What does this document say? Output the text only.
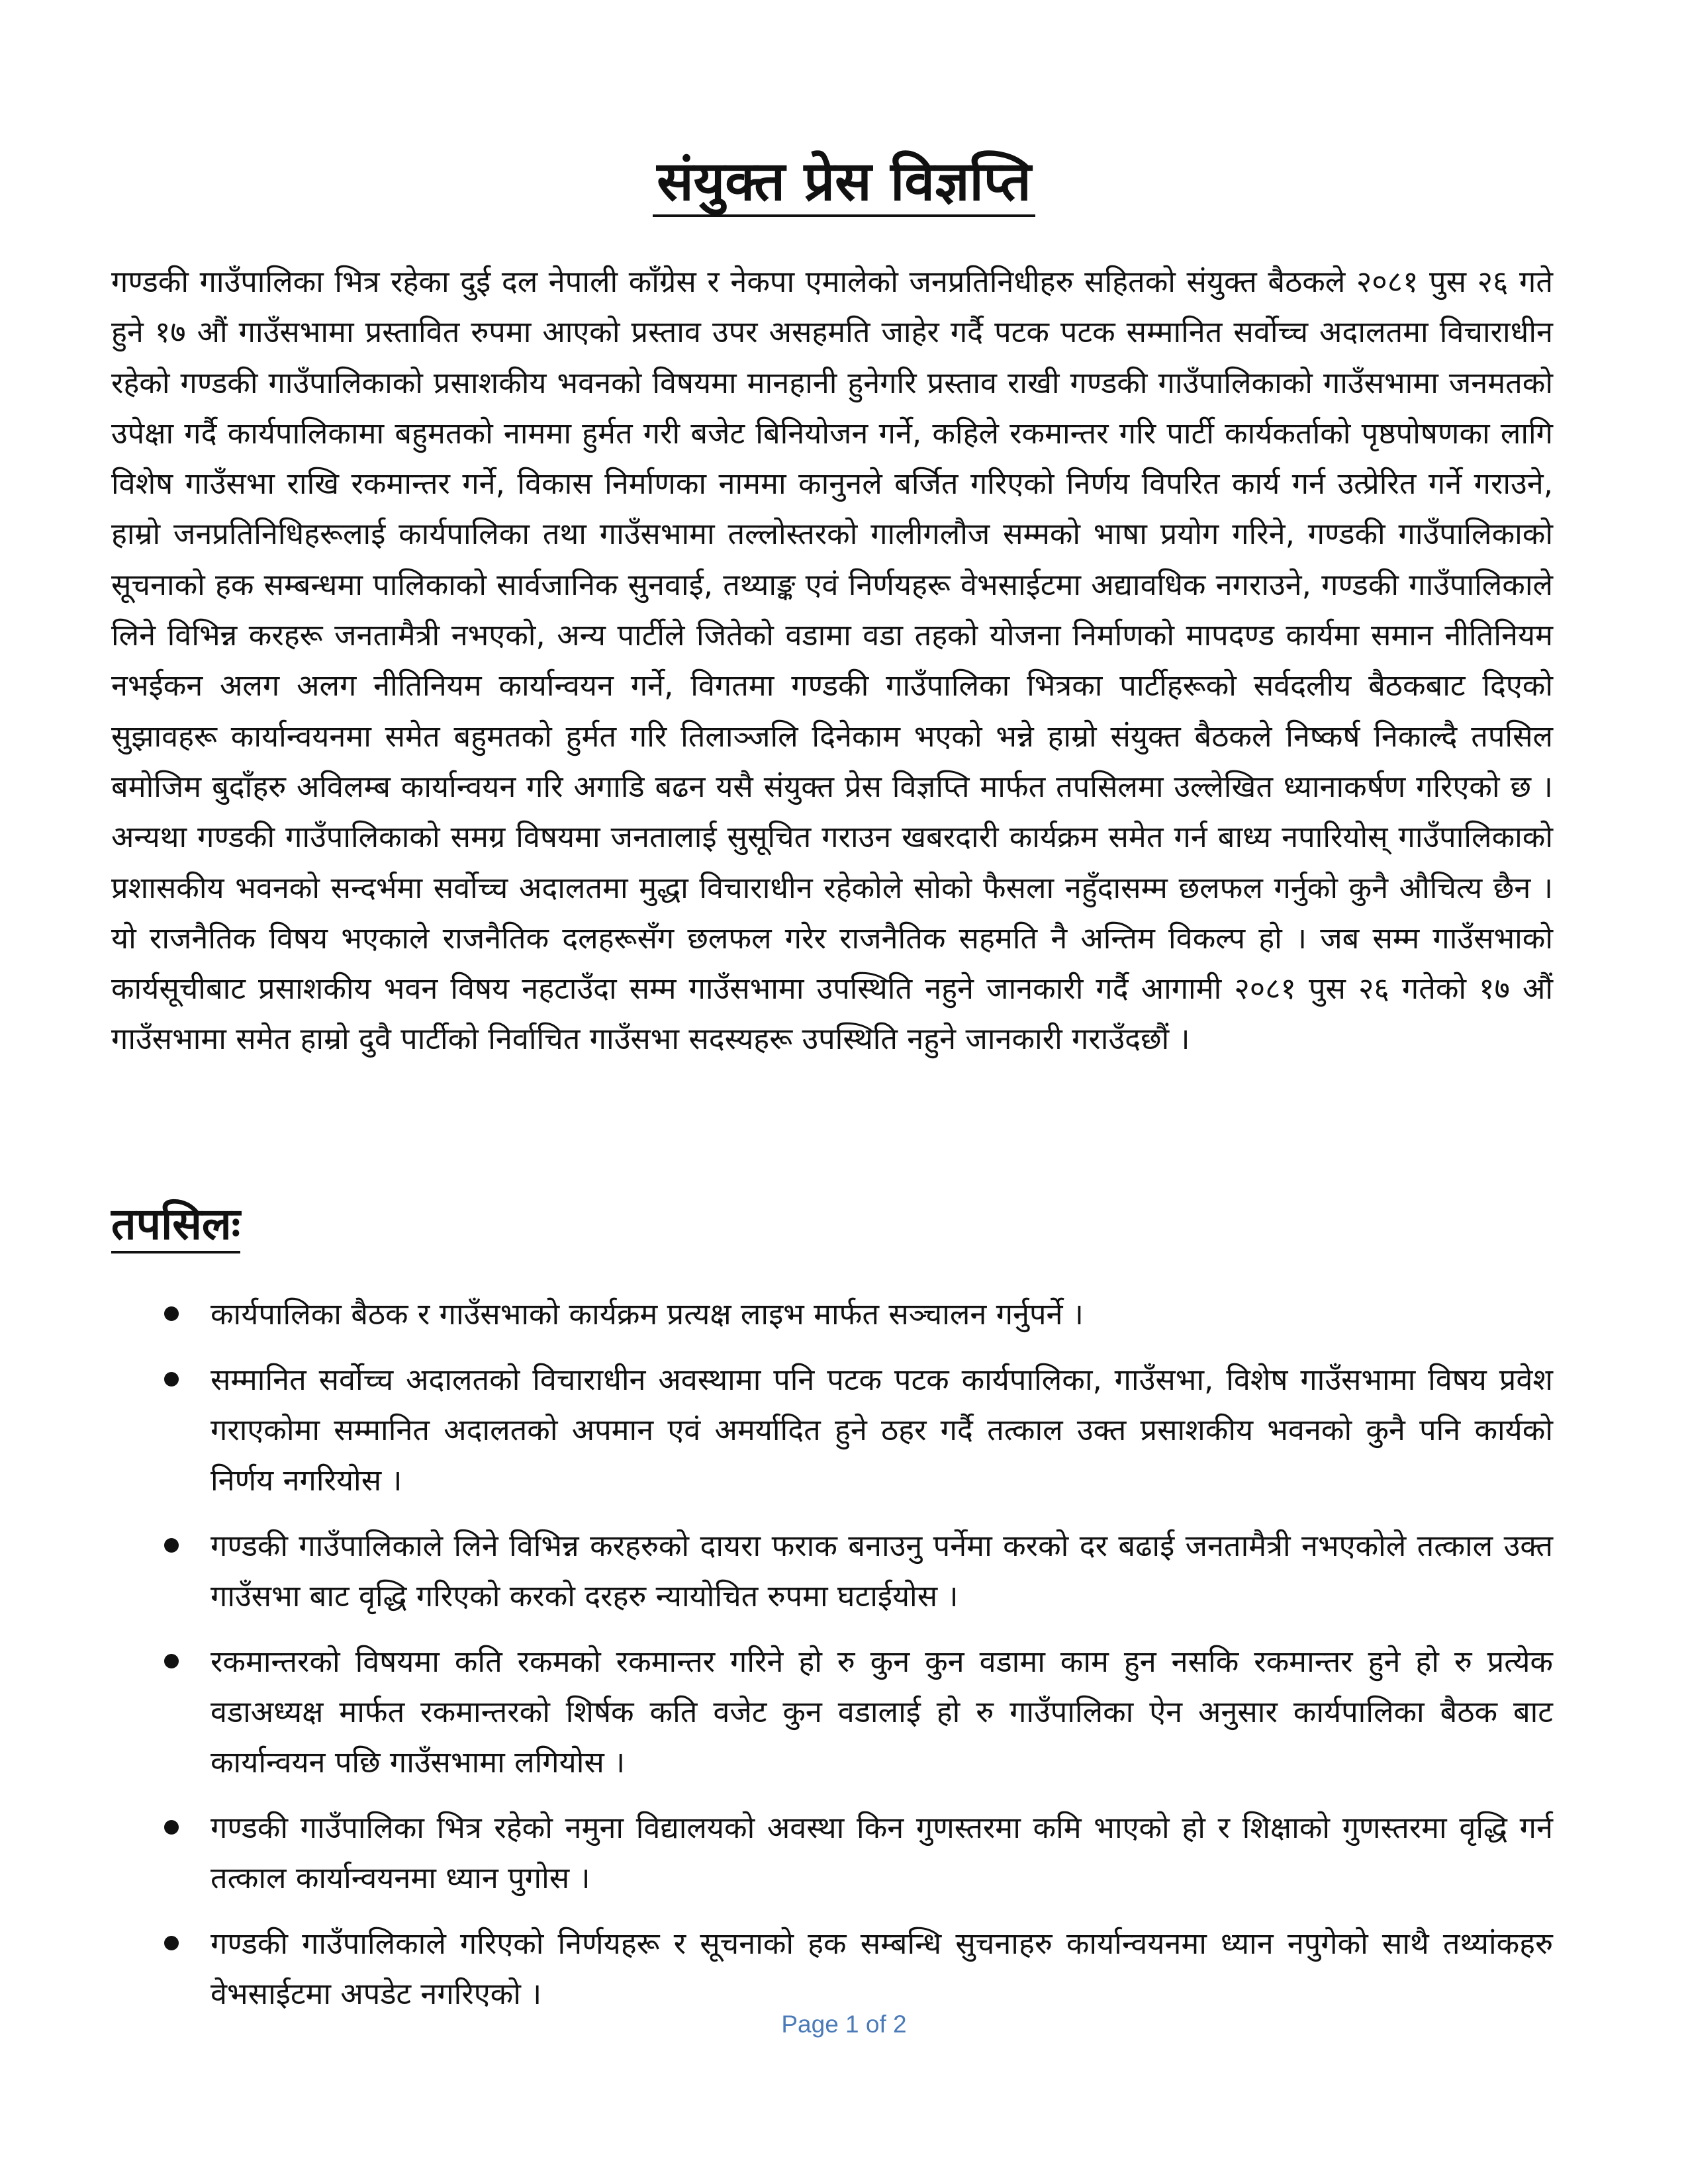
संयुक्त प्रेस विज्ञप्ति

गण्डकी गाउँपालिका भित्र रहेका दुई दल नेपाली काँग्रेस र नेकपा एमालेको जनप्रतिनिधीहरु सहितको संयुक्त बैठकले २०८१ पुस २६ गते हुने १७ औं गाउँसभामा प्रस्तावित रुपमा आएको प्रस्ताव उपर असहमति जाहेर गर्दै पटक पटक सम्मानित सर्वोच्च अदालतमा विचाराधीन रहेको गण्डकी गाउँपालिकाको प्रसाशकीय भवनको विषयमा मानहानी हुनेगरि प्रस्ताव राखी गण्डकी गाउँपालिकाको गाउँसभामा जनमतको उपेक्षा गर्दै कार्यपालिकामा बहुमतको नाममा हुर्मत गरी बजेट बिनियोजन गर्ने, कहिले रकमान्तर गरि पार्टी कार्यकर्ताको पृष्ठपोषणका लागि विशेष गाउँसभा राखि रकमान्तर गर्ने, विकास निर्माणका नाममा कानुनले बर्जित गरिएको निर्णय विपरित कार्य गर्न उत्प्रेरित गर्ने गराउने, हाम्रो जनप्रतिनिधिहरूलाई कार्यपालिका तथा गाउँसभामा तल्लोस्तरको गालीगलौज सम्मको भाषा प्रयोग गरिने, गण्डकी गाउँपालिकाको सूचनाको हक सम्बन्धमा पालिकाको सार्वजानिक सुनवाई, तथ्याङ्क एवं निर्णयहरू वेभसाईटमा अद्यावधिक नगराउने, गण्डकी गाउँपालिकाले लिने विभिन्न करहरू जनतामैत्री नभएको, अन्य पार्टीले जितेको वडामा वडा तहको योजना निर्माणको मापदण्ड कार्यमा समान नीतिनियम नभईकन अलग अलग नीतिनियम कार्यान्वयन गर्ने, विगतमा गण्डकी गाउँपालिका भित्रका पार्टीहरूको सर्वदलीय बैठकबाट दिएको सुझावहरू कार्यान्वयनमा समेत बहुमतको हुर्मत गरि तिलाञ्जलि दिनेकाम भएको भन्ने हाम्रो संयुक्त बैठकले निष्कर्ष निकाल्दै तपसिल बमोजिम बुदाँहरु अविलम्ब कार्यान्वयन गरि अगाडि बढन यसै संयुक्त प्रेस विज्ञप्ति मार्फत तपसिलमा उल्लेखित ध्यानाकर्षण गरिएको छ । अन्यथा गण्डकी गाउँपालिकाको समग्र विषयमा जनतालाई सुसूचित गराउन खबरदारी कार्यक्रम समेत गर्न बाध्य नपारियोस् गाउँपालिकाको प्रशासकीय भवनको सन्दर्भमा सर्वोच्च अदालतमा मुद्धा विचाराधीन रहेकोले सोको फैसला नहुँदासम्म छलफल गर्नुको कुनै औचित्य छैन । यो राजनैतिक विषय भएकाले राजनैतिक दलहरूसँग छलफल गरेर राजनैतिक सहमति नै अन्तिम विकल्प हो । जब सम्म गाउँसभाको कार्यसूचीबाट प्रसाशकीय भवन विषय नहटाउँदा सम्म गाउँसभामा उपस्थिति नहुने जानकारी गर्दै आगामी २०८१ पुस २६ गतेको १७ औं गाउँसभामा समेत हाम्रो दुवै पार्टीको निर्वाचित गाउँसभा सदस्यहरू उपस्थिति नहुने जानकारी गराउँदछौं ।

तपसिलः
कार्यपालिका बैठक र गाउँसभाको कार्यक्रम प्रत्यक्ष लाइभ मार्फत सञ्चालन गर्नुपर्ने ।
सम्मानित सर्वोच्च अदालतको विचाराधीन अवस्थामा पनि पटक पटक कार्यपालिका, गाउँसभा, विशेष गाउँसभामा विषय प्रवेश गराएकोमा सम्मानित अदालतको अपमान एवं अमर्यादित हुने ठहर गर्दै तत्काल उक्त प्रसाशकीय भवनको कुनै पनि कार्यको निर्णय नगरियोस ।
गण्डकी गाउँपालिकाले लिने विभिन्न करहरुको दायरा फराक बनाउनु पर्नेमा करको दर बढाई जनतामैत्री नभएकोले तत्काल उक्त गाउँसभा बाट वृद्धि गरिएको करको दरहरु न्यायोचित रुपमा घटाईयोस ।
रकमान्तरको विषयमा कति रकमको रकमान्तर गरिने हो रु कुन कुन वडामा काम हुन नसकि रकमान्तर हुने हो रु प्रत्येक वडाअध्यक्ष मार्फत रकमान्तरको शिर्षक कति वजेट कुन वडालाई हो रु गाउँपालिका ऐन अनुसार कार्यपालिका बैठक बाट कार्यान्वयन पछि गाउँसभामा लगियोस ।
गण्डकी गाउँपालिका भित्र रहेको नमुना विद्यालयको अवस्था किन गुणस्तरमा कमि भाएको हो र शिक्षाको गुणस्तरमा वृद्धि गर्न तत्काल कार्यान्वयनमा ध्यान पुगोस ।
गण्डकी गाउँपालिकाले गरिएको निर्णयहरू र सूचनाको हक सम्बन्धि सुचनाहरु कार्यान्वयनमा ध्यान नपुगेको साथै तथ्यांकहरु वेभसाईटमा अपडेट नगरिएको ।
Page 1 of 2
